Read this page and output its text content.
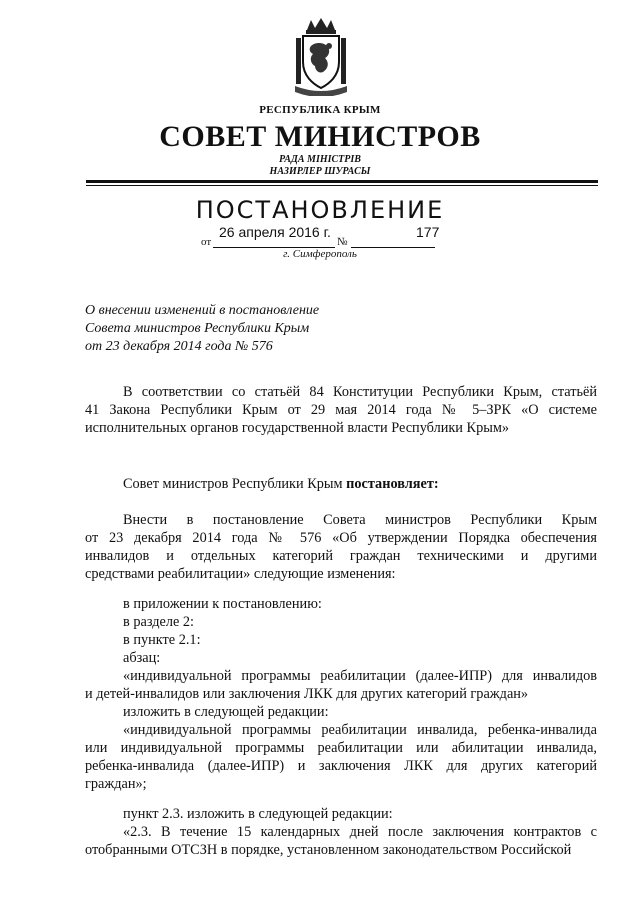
РЕСПУБЛИКА КРЫМ
СОВЕТ МИНИСТРОВ
РАДА МІНІСТРІВ
НАЗИРЛЕР ШУРАСЫ
ПОСТАНОВЛЕНИЕ
26 апреля 2016 г.	177
от	№
г. Симферополь
О внесении изменений в постановление
Совета министров Республики Крым
от 23 декабря 2014 года № 576
В соответствии со статьёй 84 Конституции Республики Крым, статьёй
41 Закона Республики Крым от 29 мая 2014 года № 5–ЗРК «О системе
исполнительных органов государственной власти Республики Крым»
Совет министров Республики Крым постановляет:
Внести в постановление Совета министров Республики Крым
от 23 декабря 2014 года № 576 «Об утверждении Порядка обеспечения
инвалидов и отдельных категорий граждан техническими и другими
средствами реабилитации» следующие изменения:
в приложении к постановлению:
в разделе 2:
в пункте 2.1:
абзац:
«индивидуальной программы реабилитации (далее-ИПР) для инвалидов
и детей-инвалидов или заключения ЛКК для других категорий граждан»
изложить в следующей редакции:
«индивидуальной программы реабилитации инвалида, ребенка-инвалида
или индивидуальной программы реабилитации или абилитации инвалида,
ребенка-инвалида (далее-ИПР) и заключения ЛКК для других категорий
граждан»;
пункт 2.3. изложить в следующей редакции:
«2.3. В течение 15 календарных дней после заключения контрактов с
отобранными ОТСЗН в порядке, установленном законодательством Российской
